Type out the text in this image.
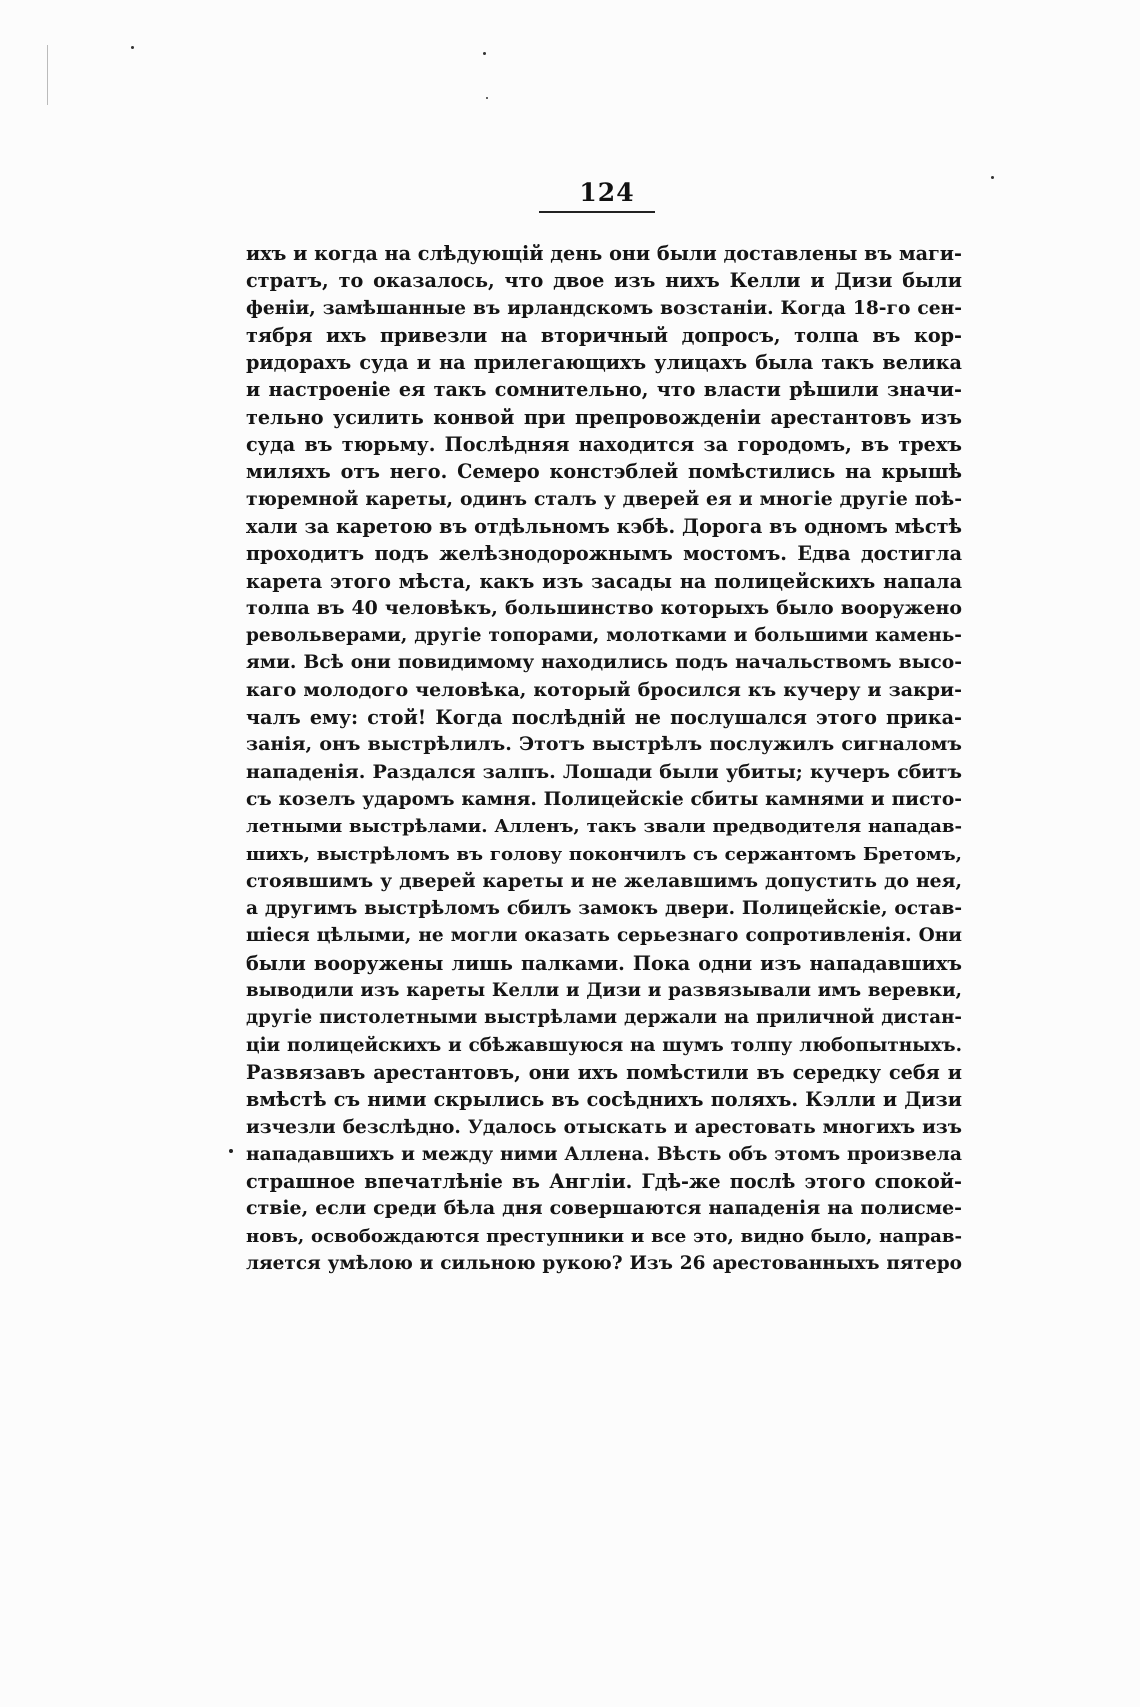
124
ихъ и когда на слѣдующій день они были доставлены въ маги-
стратъ, то оказалось, что двое изъ нихъ Келли и Дизи были
феніи, замѣшанные въ ирландскомъ возстаніи. Когда 18-го сен-
тября ихъ привезли на вторичный допросъ, толпа въ кор-
ридорахъ суда и на прилегающихъ улицахъ была такъ велика
и настроеніе ея такъ сомнительно, что власти рѣшили значи-
тельно усилить конвой при препровожденіи арестантовъ изъ
суда въ тюрьму. Послѣдняя находится за городомъ, въ трехъ
миляхъ отъ него. Семеро констэблей помѣстились на крышѣ
тюремной кареты, одинъ сталъ у дверей ея и многіе другіе поѣ-
хали за каретою въ отдѣльномъ кэбѣ. Дорога въ одномъ мѣстѣ
проходитъ подъ желѣзнодорожнымъ мостомъ. Едва достигла
карета этого мѣста, какъ изъ засады на полицейскихъ напала
толпа въ 40 человѣкъ, большинство которыхъ было вооружено
револьверами, другіе топорами, молотками и большими камень-
ями. Всѣ они повидимому находились подъ начальствомъ высо-
каго молодого человѣка, который бросился къ кучеру и закри-
чалъ ему: стой! Когда послѣдній не послушался этого прика-
занія, онъ выстрѣлилъ. Этотъ выстрѣлъ послужилъ сигналомъ
нападенія. Раздался залпъ. Лошади были убиты; кучеръ сбитъ
съ козелъ ударомъ камня. Полицейскіе сбиты камнями и писто-
летными выстрѣлами. Алленъ, такъ звали предводителя нападав-
шихъ, выстрѣломъ въ голову покончилъ съ сержантомъ Бретомъ,
стоявшимъ у дверей кареты и не желавшимъ допустить до нея,
а другимъ выстрѣломъ сбилъ замокъ двери. Полицейскіе, остав-
шіеся цѣлыми, не могли оказать серьезнаго сопротивленія. Они
были вооружены лишь палками. Пока одни изъ нападавшихъ
выводили изъ кареты Келли и Дизи и развязывали имъ веревки,
другіе пистолетными выстрѣлами держали на приличной дистан-
ціи полицейскихъ и сбѣжавшуюся на шумъ толпу любопытныхъ.
Развязавъ арестантовъ, они ихъ помѣстили въ середку себя и
вмѣстѣ съ ними скрылись въ сосѣднихъ поляхъ. Кэлли и Дизи
изчезли безслѣдно. Удалось отыскать и арестовать многихъ изъ
нападавшихъ и между ними Аллена. Вѣсть объ этомъ произвела
страшное впечатлѣніе въ Англіи. Гдѣ-же послѣ этого спокой-
ствіе, если среди бѣла дня совершаются нападенія на полисме-
новъ, освобождаются преступники и все это, видно было, направ-
ляется умѣлою и сильною рукою? Изъ 26 арестованныхъ пятеро
